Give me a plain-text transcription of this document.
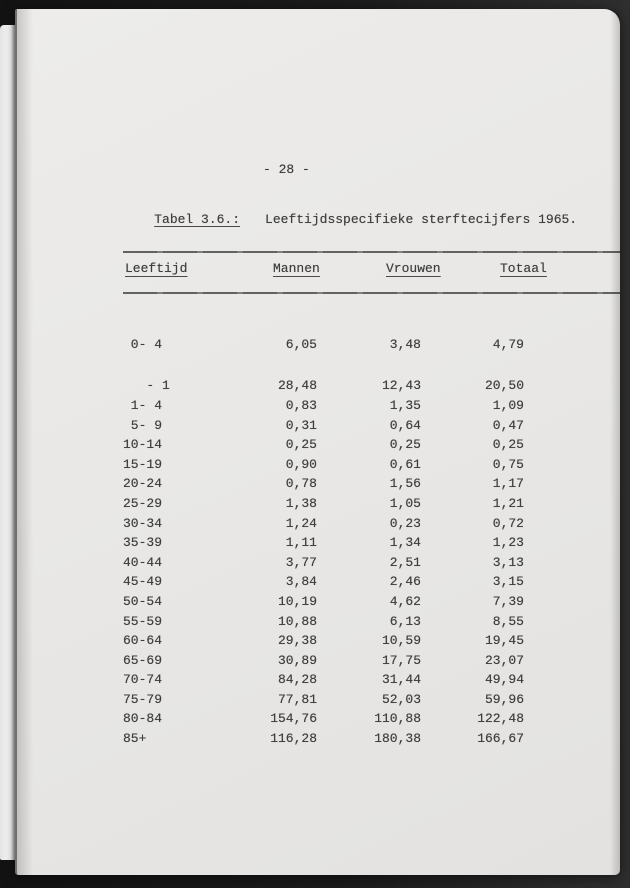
- 28 -

Tabel 3.6.: Leeftijdsspecifieke sterftecijfers 1965.

Leeftijd	Mannen	Vrouwen	Totaal
0- 4	6,05	3,48	4,79
- 1	28,48	12,43	20,50
1- 4	0,83	1,35	1,09
5- 9	0,31	0,64	0,47
10-14	0,25	0,25	0,25
15-19	0,90	0,61	0,75
20-24	0,78	1,56	1,17
25-29	1,38	1,05	1,21
30-34	1,24	0,23	0,72
35-39	1,11	1,34	1,23
40-44	3,77	2,51	3,13
45-49	3,84	2,46	3,15
50-54	10,19	4,62	7,39
55-59	10,88	6,13	8,55
60-64	29,38	10,59	19,45
65-69	30,89	17,75	23,07
70-74	84,28	31,44	49,94
75-79	77,81	52,03	59,96
80-84	154,76	110,88	122,48
85+	116,28	180,38	166,67
